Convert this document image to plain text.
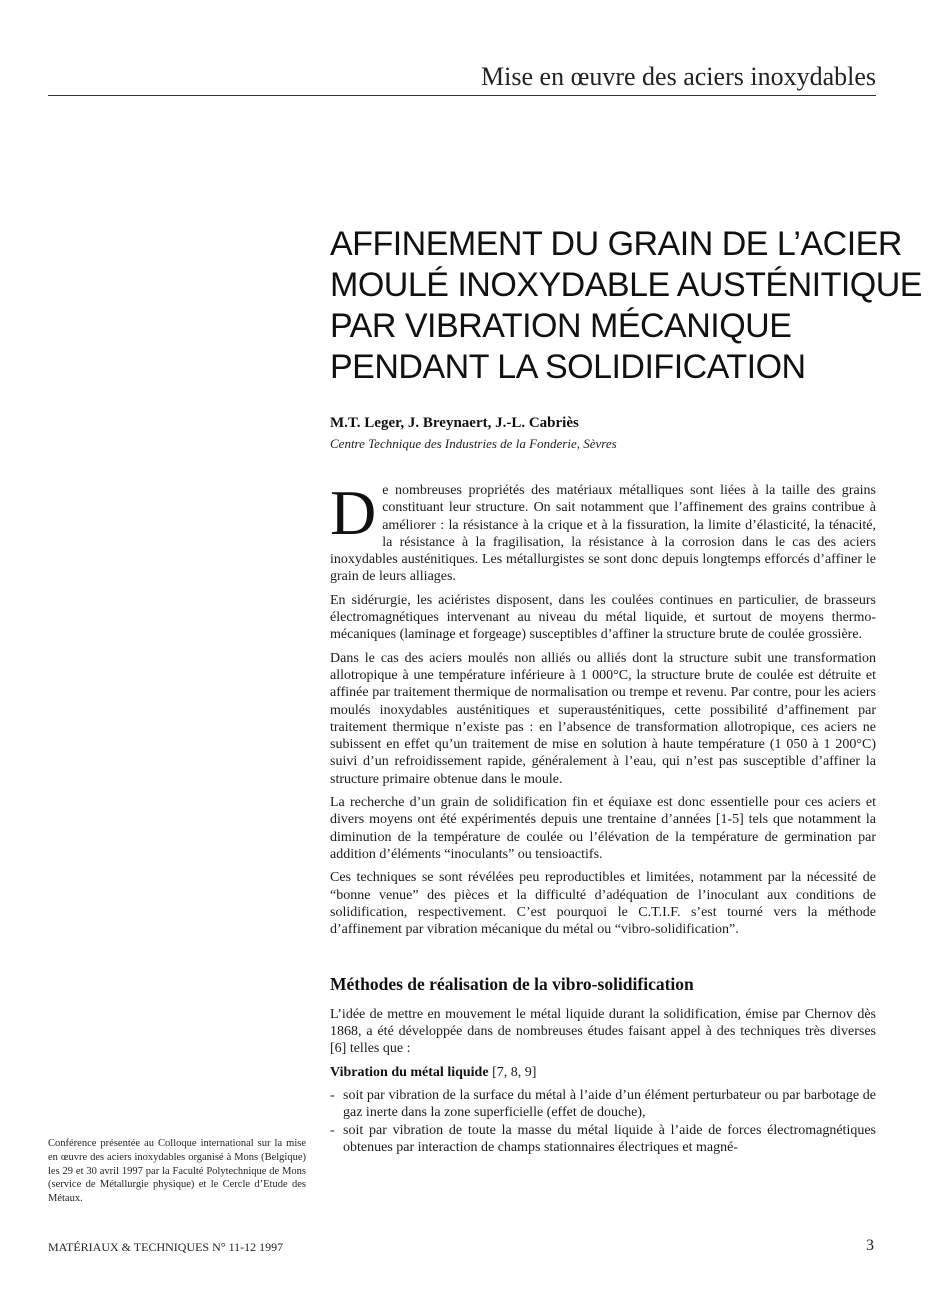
Mise en œuvre des aciers inoxydables
AFFINEMENT DU GRAIN DE L’ACIER
MOULÉ INOXYDABLE AUSTÉNITIQUE
PAR VIBRATION MÉCANIQUE
PENDANT LA SOLIDIFICATION
M.T. Leger, J. Breynaert, J.-L. Cabriès
Centre Technique des Industries de la Fonderie, Sèvres

De nombreuses propriétés des matériaux métalliques sont liées à la taille des grains constituant leur structure. On sait notamment que l’affinement des grains contribue à améliorer : la résistance à la crique et à la fissuration, la limite d’élasticité, la ténacité, la résistance à la fragilisation, la résistance à la corrosion dans le cas des aciers inoxydables austénitiques. Les métallurgistes se sont donc depuis longtemps efforcés d’affiner le grain de leurs alliages.

En sidérurgie, les aciéristes disposent, dans les coulées continues en particulier, de brasseurs électromagnétiques intervenant au niveau du métal liquide, et surtout de moyens thermo-mécaniques (laminage et forgeage) susceptibles d’affiner la structure brute de coulée grossière.

Dans le cas des aciers moulés non alliés ou alliés dont la structure subit une transformation allotropique à une température inférieure à 1 000°C, la structure brute de coulée est détruite et affinée par traitement thermique de normalisation ou trempe et revenu. Par contre, pour les aciers moulés inoxydables austénitiques et superausténitiques, cette possibilité d’affinement par traitement thermique n’existe pas : en l’absence de transformation allotropique, ces aciers ne subissent en effet qu’un traitement de mise en solution à haute température (1 050 à 1 200°C) suivi d’un refroidissement rapide, généralement à l’eau, qui n’est pas susceptible d’affiner la structure primaire obtenue dans le moule.

La recherche d’un grain de solidification fin et équiaxe est donc essentielle pour ces aciers et divers moyens ont été expérimentés depuis une trentaine d’années [1-5] tels que notamment la diminution de la température de coulée ou l’élévation de la température de germination par addition d’éléments “inoculants” ou tensioactifs.

Ces techniques se sont révélées peu reproductibles et limitées, notamment par la nécessité de “bonne venue” des pièces et la difficulté d’adéquation de l’inoculant aux conditions de solidification, respectivement. C’est pourquoi le C.T.I.F. s’est tourné vers la méthode d’affinement par vibration mécanique du métal ou “vibro-solidification”.

Méthodes de réalisation de la vibro-solidification

L’idée de mettre en mouvement le métal liquide durant la solidification, émise par Chernov dès 1868, a été développée dans de nombreuses études faisant appel à des techniques très diverses [6] telles que :

Vibration du métal liquide [7, 8, 9]

- soit par vibration de la surface du métal à l’aide d’un élément perturbateur ou par barbotage de gaz inerte dans la zone superficielle (effet de douche),
- soit par vibration de toute la masse du métal liquide à l’aide de forces électromagnétiques obtenues par interaction de champs stationnaires électriques et magné-
Conférence présentée au Colloque international sur la mise en œuvre des aciers inoxydables organisé à Mons (Belgique) les 29 et 30 avril 1997 par la Faculté Polytechnique de Mons (service de Métallurgie physique) et le Cercle d’Etude des Métaux.
MATÉRIAUX & TECHNIQUES N° 11-12 1997	3
